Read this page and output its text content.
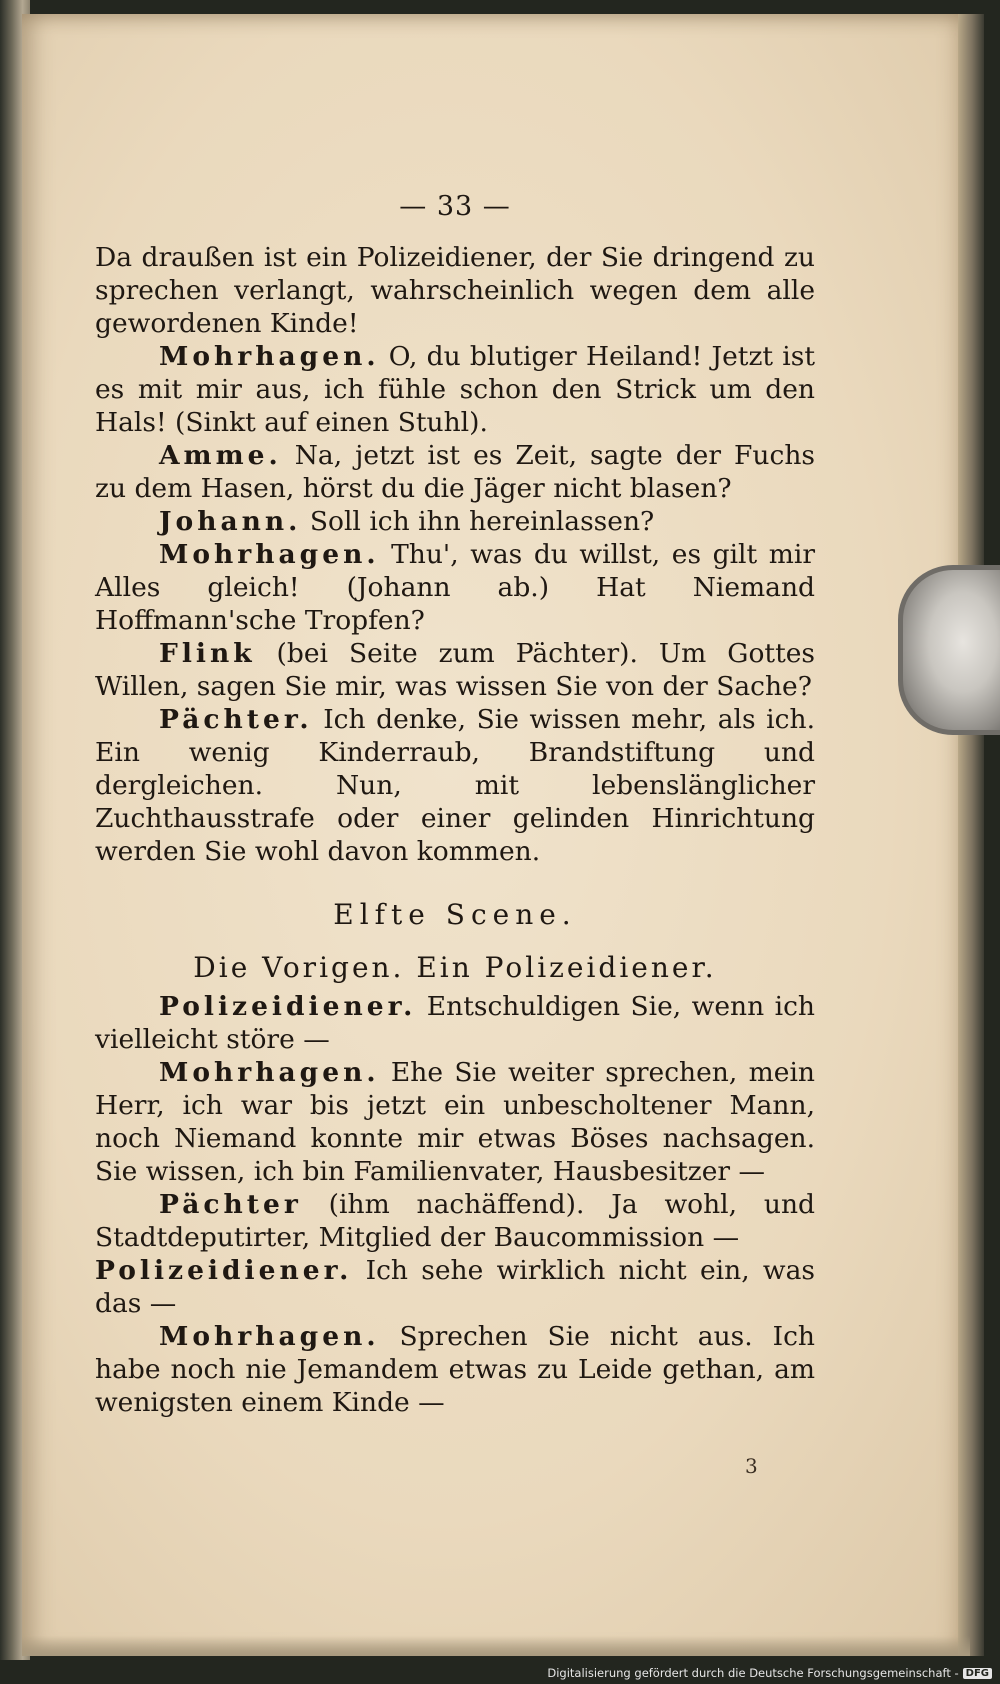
— 33 —

Da draußen ist ein Polizeidiener, der Sie dringend zu sprechen verlangt, wahrscheinlich wegen dem alle gewordenen Kinde!

Mohrhagen. O, du blutiger Heiland! Jetzt ist es mit mir aus, ich fühle schon den Strick um den Hals! (Sinkt auf einen Stuhl).

Amme. Na, jetzt ist es Zeit, sagte der Fuchs zu dem Hasen, hörst du die Jäger nicht blasen?

Johann. Soll ich ihn hereinlassen?

Mohrhagen. Thu', was du willst, es gilt mir Alles gleich! (Johann ab.) Hat Niemand Hoffmann'sche Tropfen?

Flink (bei Seite zum Pächter). Um Gottes Willen, sagen Sie mir, was wissen Sie von der Sache?

Pächter. Ich denke, Sie wissen mehr, als ich. Ein wenig Kinderraub, Brandstiftung und dergleichen. Nun, mit lebenslänglicher Zuchthausstrafe oder einer gelinden Hinrichtung werden Sie wohl davon kommen.

Elfte Scene.
Die Vorigen. Ein Polizeidiener.

Polizeidiener. Entschuldigen Sie, wenn ich vielleicht störe —

Mohrhagen. Ehe Sie weiter sprechen, mein Herr, ich war bis jetzt ein unbescholtener Mann, noch Niemand konnte mir etwas Böses nachsagen. Sie wissen, ich bin Familienvater, Hausbesitzer —

Pächter (ihm nachäffend). Ja wohl, und Stadtdeputirter, Mitglied der Baucommission —

Polizeidiener. Ich sehe wirklich nicht ein, was das —

Mohrhagen. Sprechen Sie nicht aus. Ich habe noch nie Jemandem etwas zu Leide gethan, am wenigsten einem Kinde —

3
Digitalisierung gefördert durch die Deutsche Forschungsgemeinschaft - DFG
